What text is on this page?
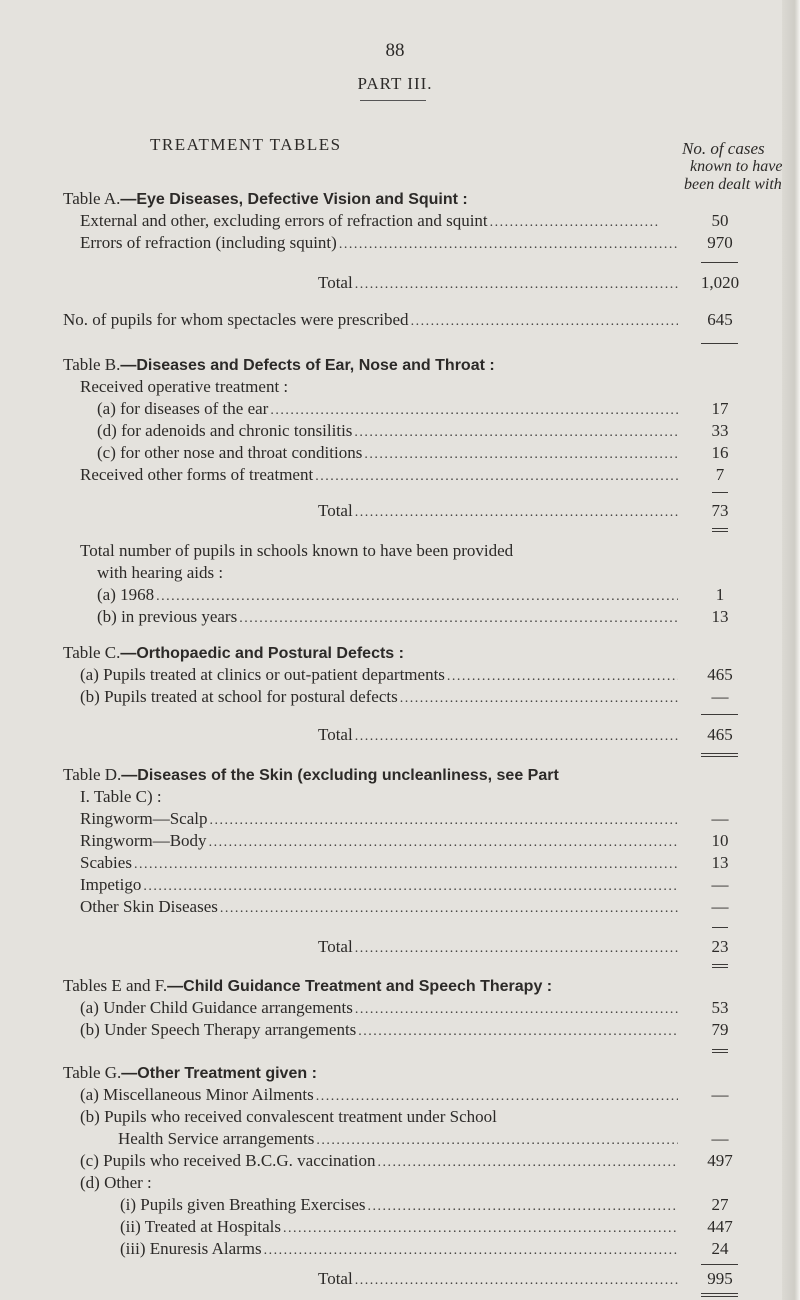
88
PART III.
TREATMENT TABLES	No. of cases
known to have
been dealt with
Table A.—Eye Diseases, Defective Vision and Squint :
External and other, excluding errors of refraction and squint .....	50
Errors of refraction (including squint) .....	970
Total .....	1,020
No. of pupils for whom spectacles were prescribed .....	645
Table B.—Diseases and Defects of Ear, Nose and Throat :
Received operative treatment :
(a) for diseases of the ear .....	17
(d) for adenoids and chronic tonsilitis .....	33
(c) for other nose and throat conditions .....	16
Received other forms of treatment .....	7
Total .....	73
Total number of pupils in schools known to have been provided
with hearing aids :
(a) 1968 .....	1
(b) in previous years .....	13
Table C.—Orthopaedic and Postural Defects :
(a) Pupils treated at clinics or out-patient departments .....	465
(b) Pupils treated at school for postural defects .....	—
Total .....	465
Table D.—Diseases of the Skin (excluding uncleanliness, see Part
I. Table C) :
Ringworm—Scalp .....	—
Ringworm—Body .....	10
Scabies .....	13
Impetigo .....	—
Other Skin Diseases .....	—
Total .....	23
Tables E and F.—Child Guidance Treatment and Speech Therapy :
(a) Under Child Guidance arrangements .....	53
(b) Under Speech Therapy arrangements .....	79
Table G.—Other Treatment given :
(a) Miscellaneous Minor Ailments .....	—
(b) Pupils who received convalescent treatment under School
Health Service arrangements .....	—
(c) Pupils who received B.C.G. vaccination .....	497
(d) Other :
(i) Pupils given Breathing Exercises .....	27
(ii) Treated at Hospitals .....	447
(iii) Enuresis Alarms .....	24
Total .....	995
